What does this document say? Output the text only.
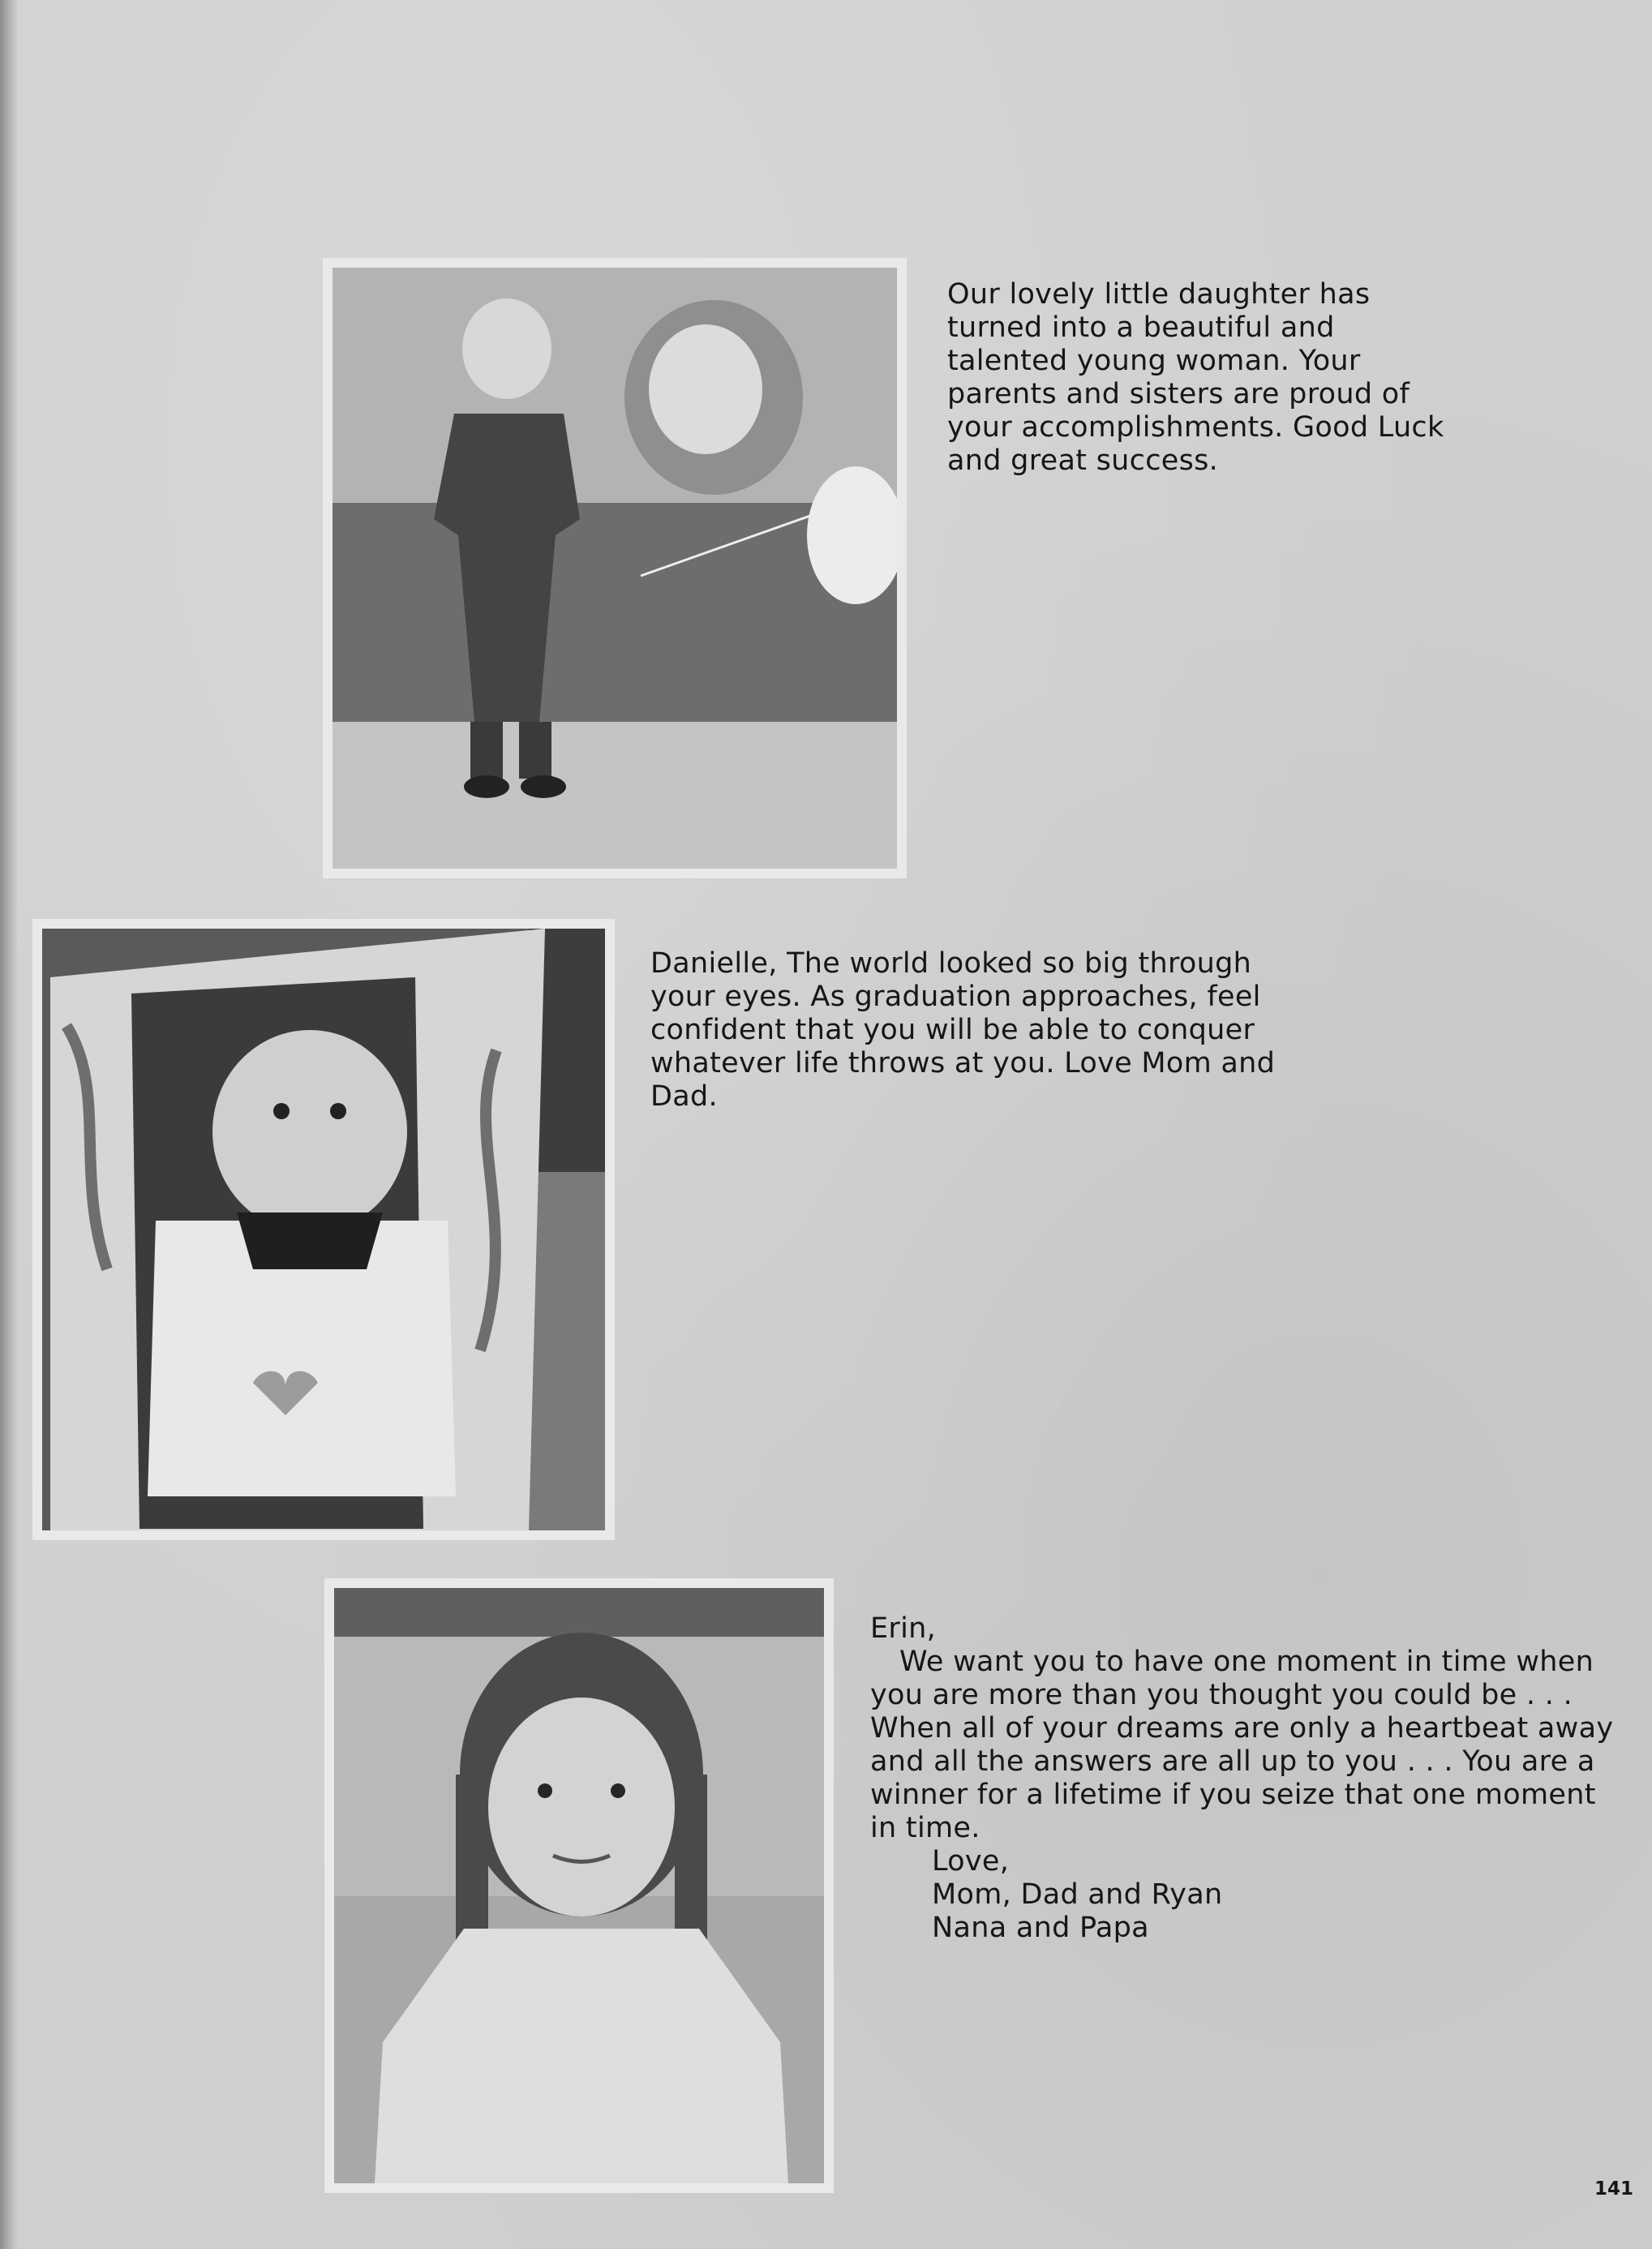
Our lovely little daughter has turned into a beautiful and talented young woman. Your parents and sisters are proud of your accomplishments. Good Luck and great success.

Danielle, The world looked so big through your eyes. As graduation approaches, feel confident that you will be able to conquer whatever life throws at you. Love Mom and Dad.

Erin,

We want you to have one moment in time when you are more than you thought you could be . . . When all of your dreams are only a heartbeat away and all the answers are all up to you . . . You are a winner for a lifetime if you seize that one moment in time.

Love,

Mom, Dad and Ryan

Nana and Papa

141
